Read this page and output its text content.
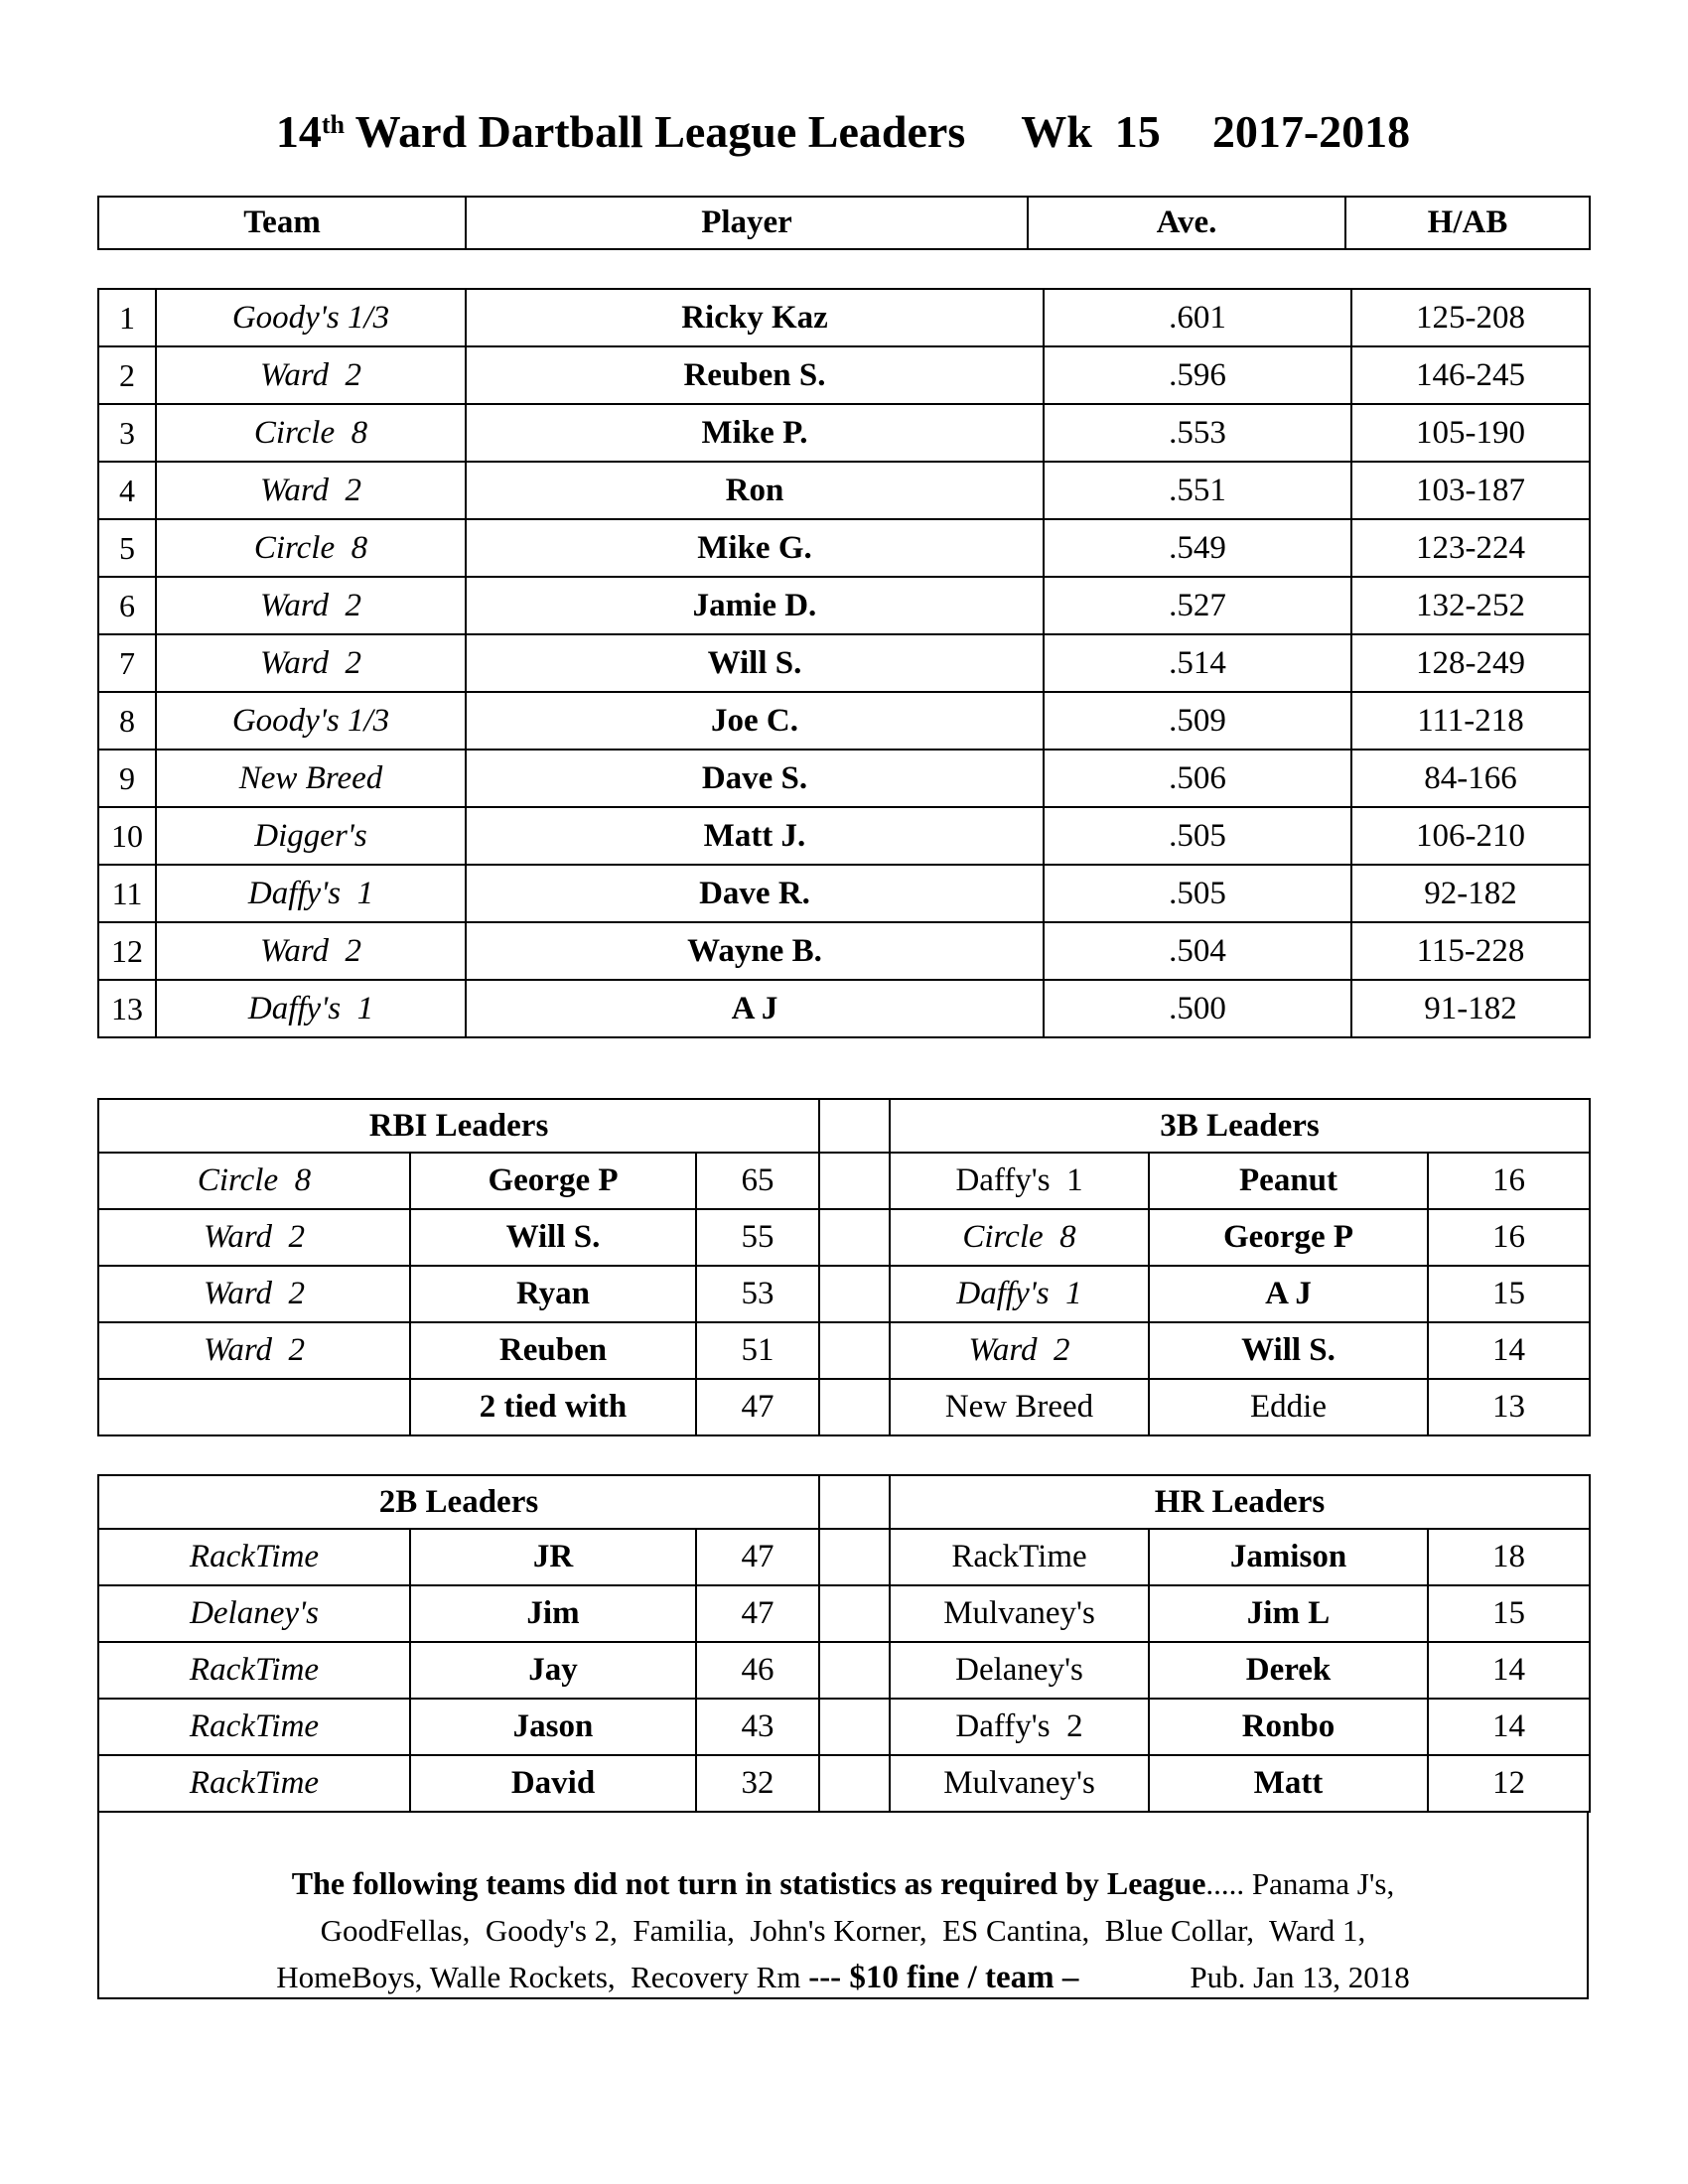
14th Ward Dartball League Leaders Wk  15 2017-2018
Team	Player	Ave.	H/AB
1	Goody's 1/3	Ricky Kaz	.601	125-208
2	Ward  2	Reuben S.	.596	146-245
3	Circle  8	Mike P.	.553	105-190
4	Ward  2	Ron	.551	103-187
5	Circle  8	Mike G.	.549	123-224
6	Ward  2	Jamie D.	.527	132-252
7	Ward  2	Will S.	.514	128-249
8	Goody's 1/3	Joe C.	.509	111-218
9	New Breed	Dave S.	.506	84-166
10	Digger's	Matt J.	.505	106-210
11	Daffy's  1	Dave R.	.505	92-182
12	Ward  2	Wayne B.	.504	115-228
13	Daffy's  1	A J	.500	91-182
RBI Leaders				3B Leaders		
Circle  8	George P	65		Daffy's  1	Peanut	16
Ward  2	Will S.	55		Circle  8	George P	16
Ward  2	Ryan	53		Daffy's  1	A J	15
Ward  2	Reuben	51		Ward  2	Will S.	14
	2 tied with	47		New Breed	Eddie	13
2B Leaders				HR Leaders		
RackTime	JR	47		RackTime	Jamison	18
Delaney's	Jim	47		Mulvaney's	Jim L	15
RackTime	Jay	46		Delaney's	Derek	14
RackTime	Jason	43		Daffy's  2	Ronbo	14
RackTime	David	32		Mulvaney's	Matt	12
The following teams did not turn in statistics as required by League..... Panama J's,
GoodFellas,  Goody's 2,  Familia,  John's Korner,  ES Cantina,  Blue Collar,  Ward 1,
HomeBoys, Walle Rockets,  Recovery Rm --- $10 fine / team –	Pub. Jan 13, 2018
